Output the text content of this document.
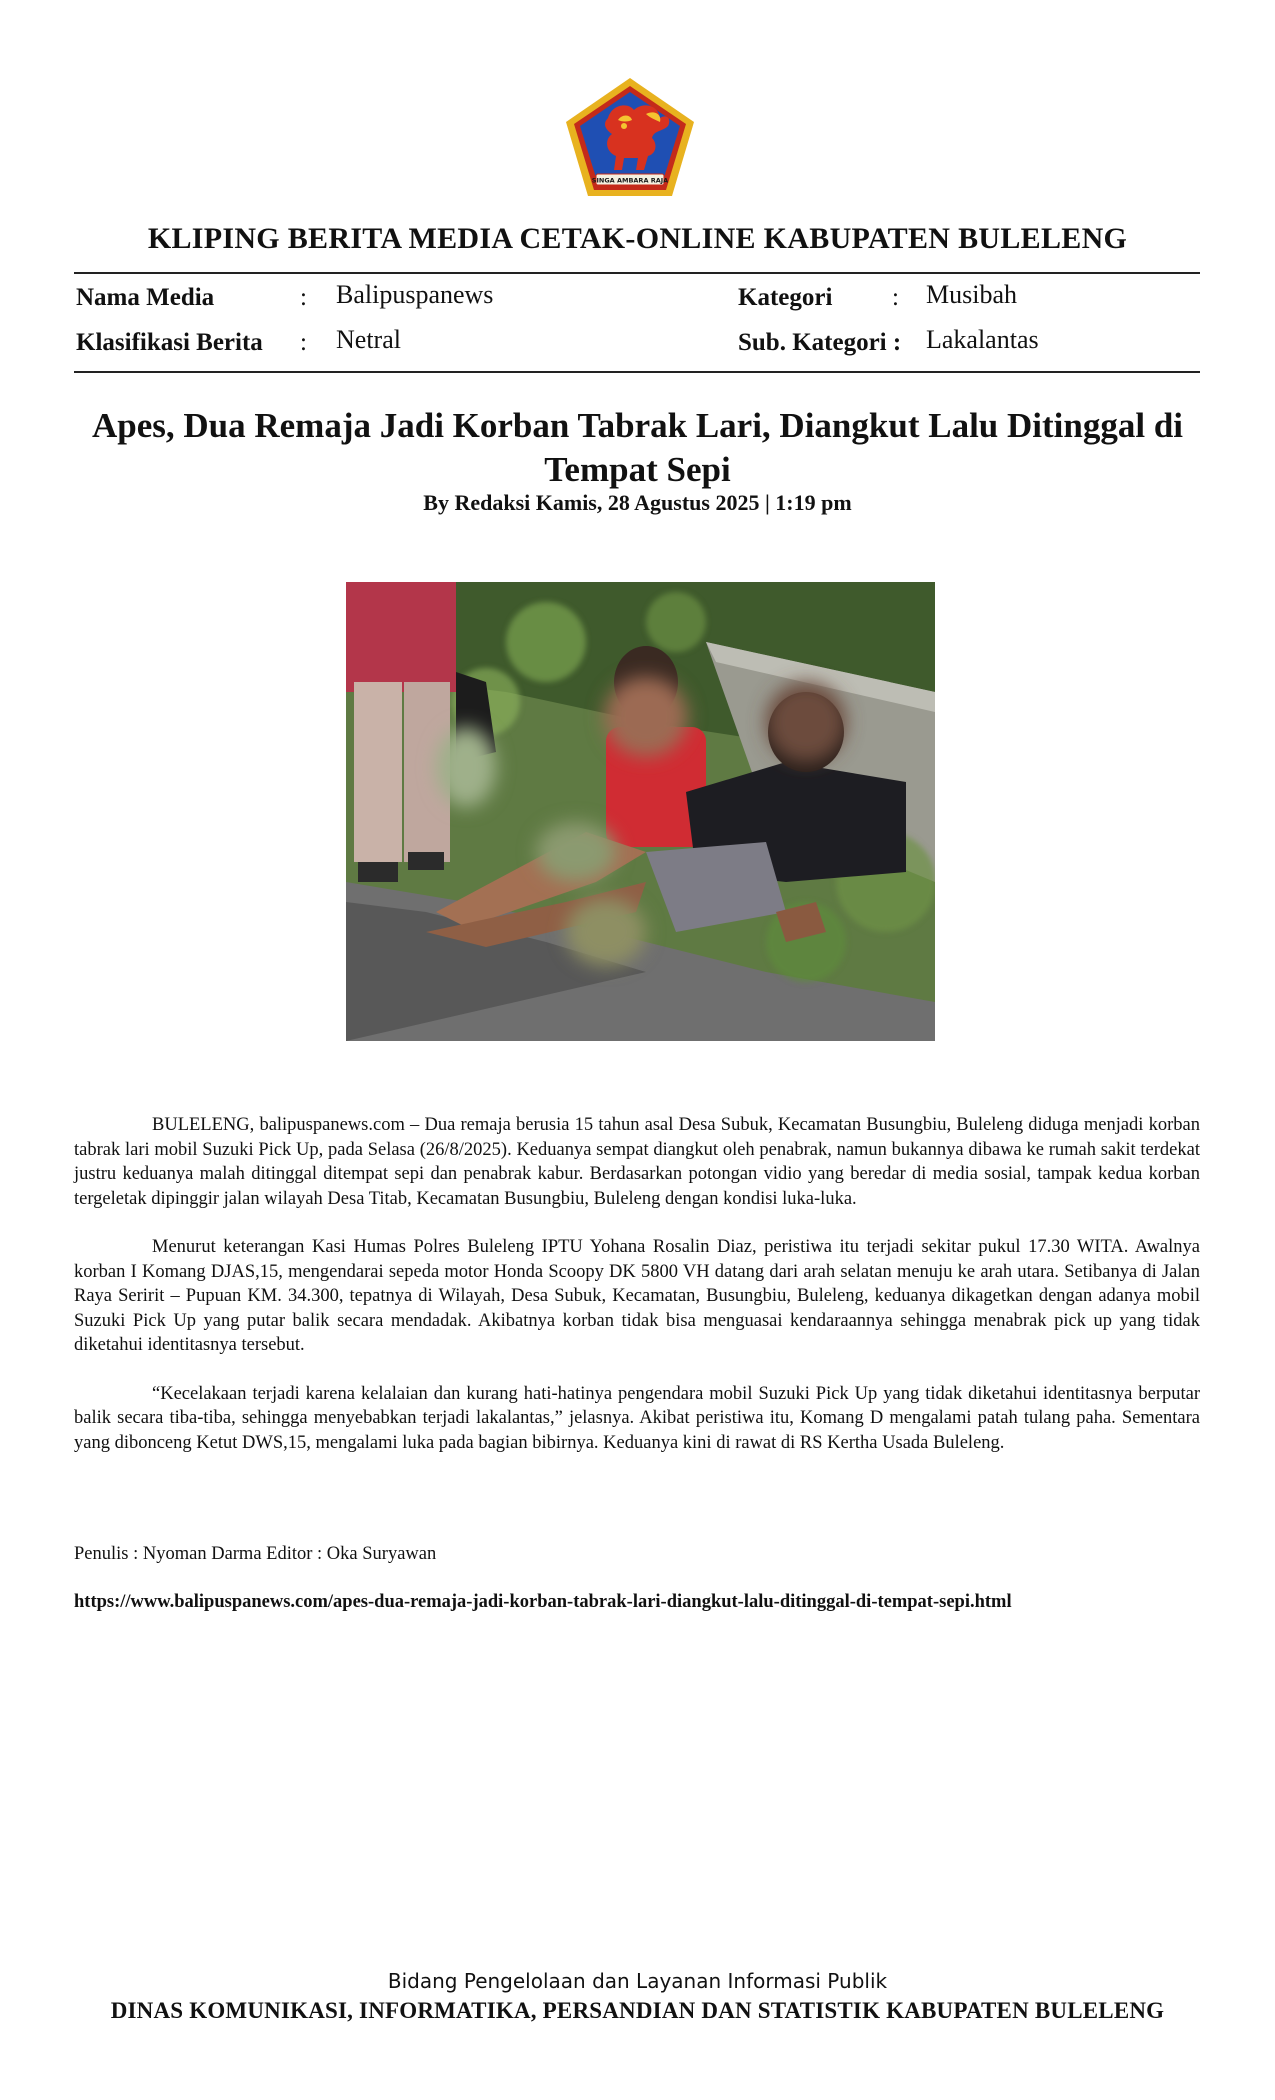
SINGA AMBARA RAJA
KLIPING BERITA MEDIA CETAK-ONLINE KABUPATEN BULELENG
Nama Media	: Balipuspanews	Kategori : Musibah
Klasifikasi Berita : Netral	Sub. Kategori : Lakalantas
Apes, Dua Remaja Jadi Korban Tabrak Lari, Diangkut Lalu Ditinggal di Tempat Sepi
By Redaksi Kamis, 28 Agustus 2025 | 1:19 pm

BULELENG, balipuspanews.com – Dua remaja berusia 15 tahun asal Desa Subuk, Kecamatan Busungbiu, Buleleng diduga menjadi korban tabrak lari mobil Suzuki Pick Up, pada Selasa (26/8/2025). Keduanya sempat diangkut oleh penabrak, namun bukannya dibawa ke rumah sakit terdekat justru keduanya malah ditinggal ditempat sepi dan penabrak kabur. Berdasarkan potongan vidio yang beredar di media sosial, tampak kedua korban tergeletak dipinggir jalan wilayah Desa Titab, Kecamatan Busungbiu, Buleleng dengan kondisi luka-luka.

Menurut keterangan Kasi Humas Polres Buleleng IPTU Yohana Rosalin Diaz, peristiwa itu terjadi sekitar pukul 17.30 WITA. Awalnya korban I Komang DJAS,15, mengendarai sepeda motor Honda Scoopy DK 5800 VH datang dari arah selatan menuju ke arah utara. Setibanya di Jalan Raya Seririt – Pupuan KM. 34.300, tepatnya di Wilayah, Desa Subuk, Kecamatan, Busungbiu, Buleleng, keduanya dikagetkan dengan adanya mobil Suzuki Pick Up yang putar balik secara mendadak. Akibatnya korban tidak bisa menguasai kendaraannya sehingga menabrak pick up yang tidak diketahui identitasnya tersebut.

“Kecelakaan terjadi karena kelalaian dan kurang hati-hatinya pengendara mobil Suzuki Pick Up yang tidak diketahui identitasnya berputar balik secara tiba-tiba, sehingga menyebabkan terjadi lakalantas,” jelasnya. Akibat peristiwa itu, Komang D mengalami patah tulang paha. Sementara yang dibonceng Ketut DWS,15, mengalami luka pada bagian bibirnya. Keduanya kini di rawat di RS Kertha Usada Buleleng.

Penulis : Nyoman Darma Editor : Oka Suryawan
https://www.balipuspanews.com/apes-dua-remaja-jadi-korban-tabrak-lari-diangkut-lalu-ditinggal-di-tempat-sepi.html
Bidang Pengelolaan dan Layanan Informasi Publik
DINAS KOMUNIKASI, INFORMATIKA, PERSANDIAN DAN STATISTIK KABUPATEN BULELENG
